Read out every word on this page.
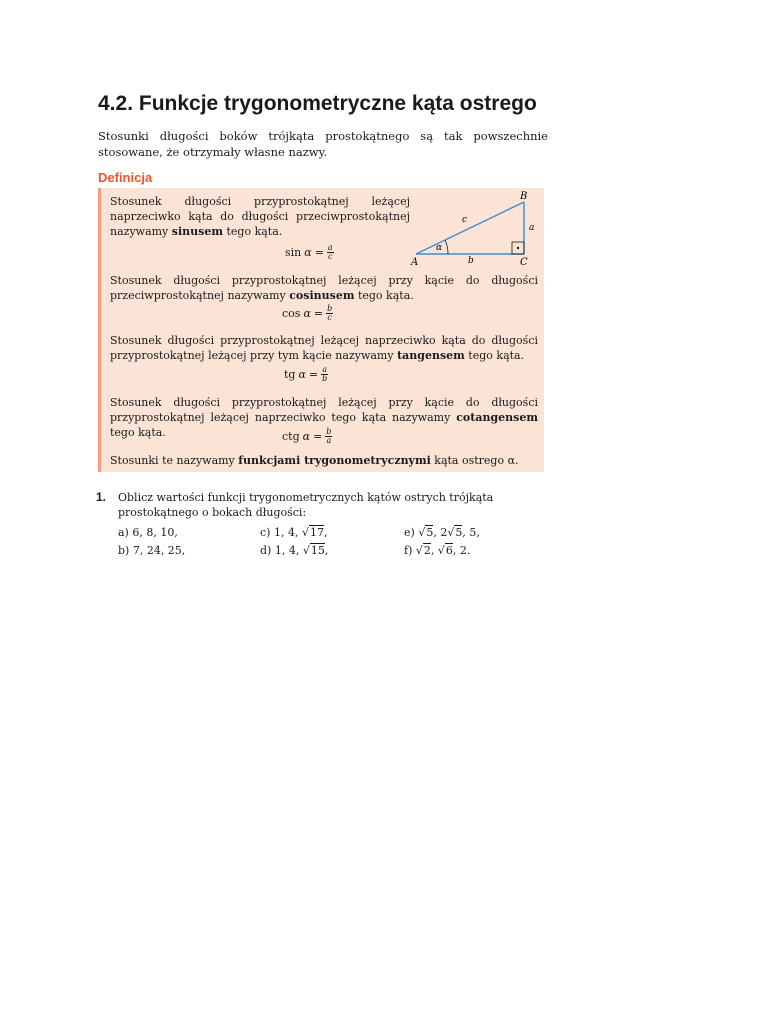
4.2. Funkcje trygonometryczne kąta ostrego
Stosunki długości boków trójkąta prostokątnego są tak powszechnie stosowane, że otrzymały własne nazwy.
Definicja
Stosunek długości przyprostokątnej leżącej naprzeciwko kąta do długości przeciwprostokątnej nazywamy sinusem tego kąta.
$\sin \alpha = \frac{a}{c}$
A
B
C
a
b
c
α
Stosunek długości przyprostokątnej leżącej przy kącie do długości przeciwprostokątnej nazywamy cosinusem tego kąta.
$\cos \alpha = \frac{b}{c}$
Stosunek długości przyprostokątnej leżącej naprzeciwko kąta do długości przyprostokątnej leżącej przy tym kącie nazywamy tangensem tego kąta.
tg $\alpha = \frac{a}{b}$
Stosunek długości przyprostokątnej leżącej przy kącie do długości przyprostokątnej leżącej naprzeciwko tego kąta nazywamy cotangensem tego kąta.	ctg $\alpha = \frac{b}{a}$
Stosunki te nazywamy funkcjami trygonometrycznymi kąta ostrego α.
1. Oblicz wartości funkcji trygonometrycznych kątów ostrych trójkąta prostokątnego o bokach długości:
a) 6, 8, 10,
b) 7, 24, 25,
c) 1, 4, √17,
d) 1, 4, √15,
e) √5, 2√5, 5,
f) √2, √6, 2.
